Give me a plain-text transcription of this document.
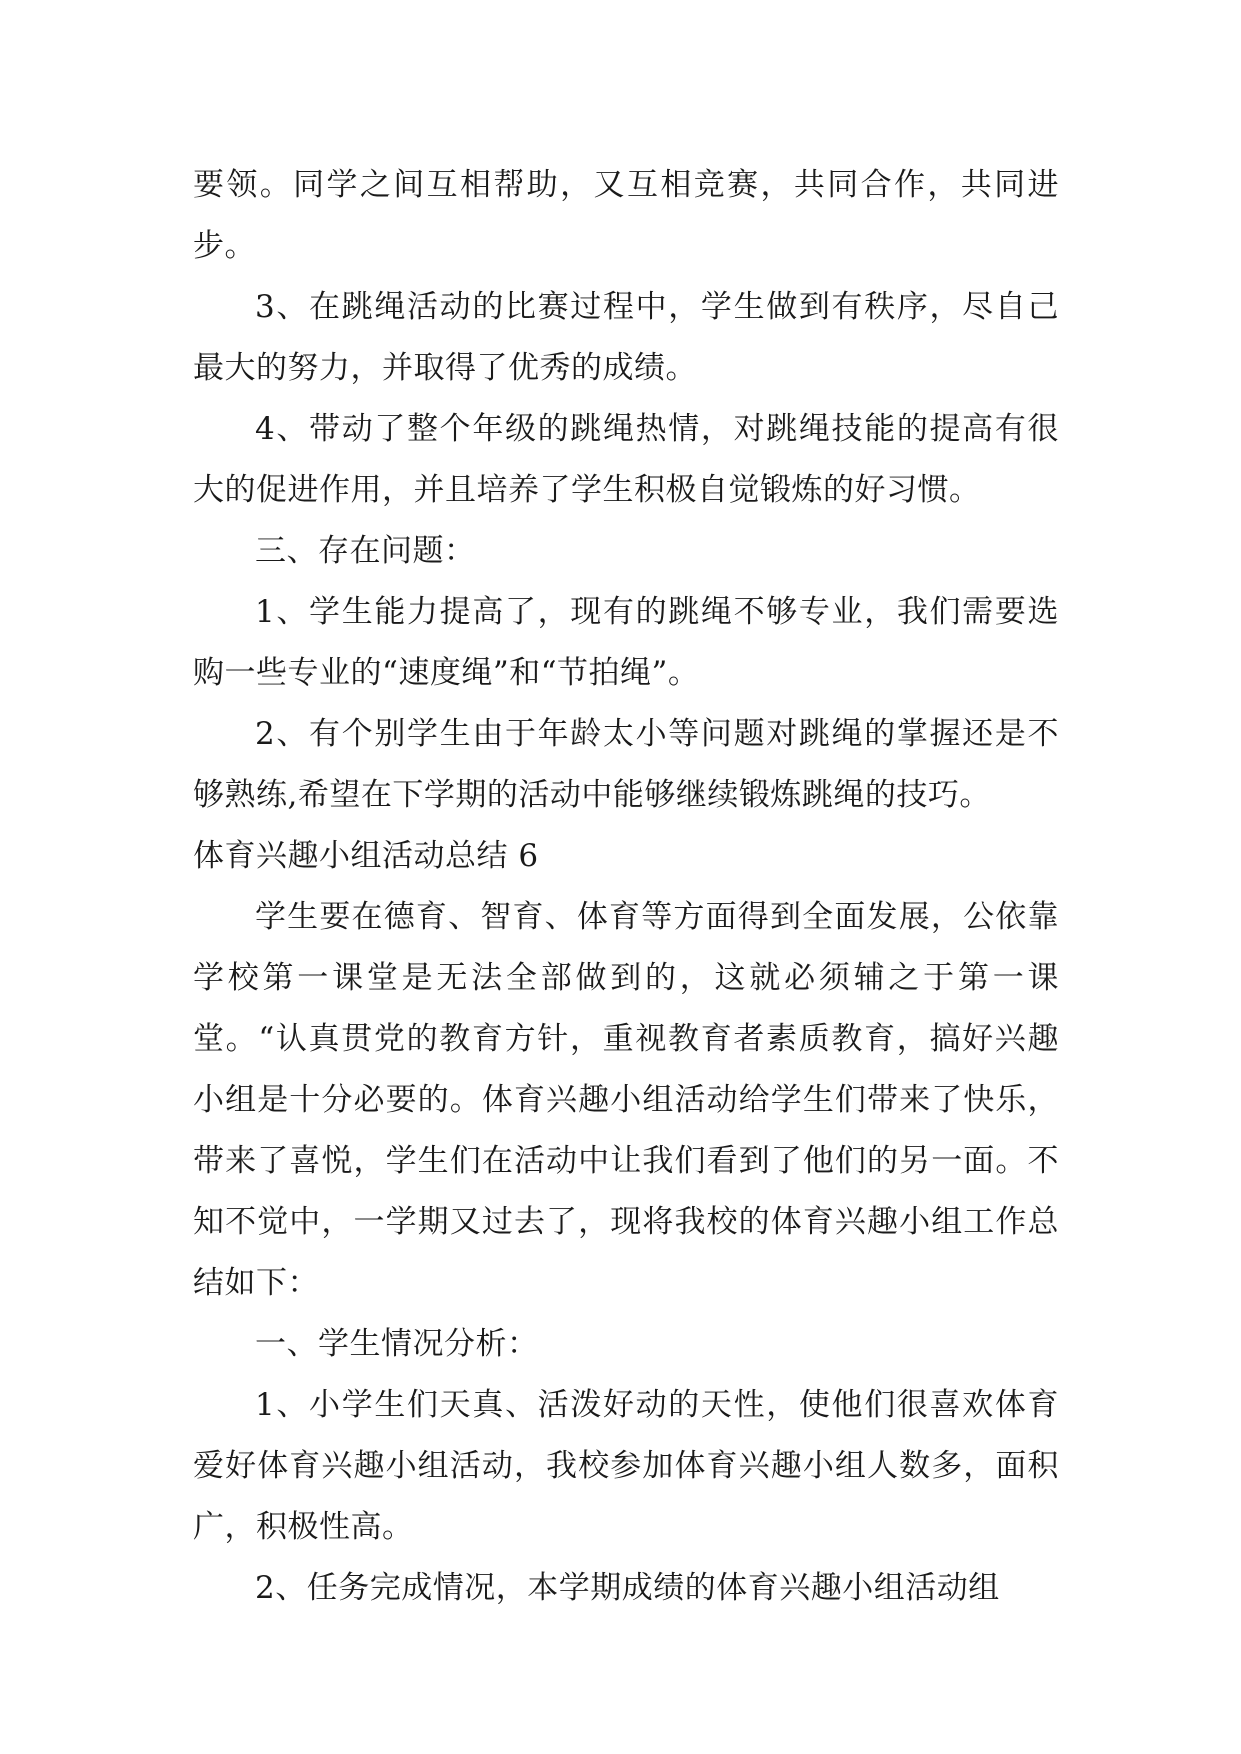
要领。同学之间互相帮助，又互相竞赛，共同合作，共同进步。

3、在跳绳活动的比赛过程中，学生做到有秩序，尽自己最大的努力，并取得了优秀的成绩。

4、带动了整个年级的跳绳热情，对跳绳技能的提高有很大的促进作用，并且培养了学生积极自觉锻炼的好习惯。

三、存在问题：

1、学生能力提高了，现有的跳绳不够专业，我们需要选购一些专业的“速度绳”和“节拍绳”。

2、有个别学生由于年龄太小等问题对跳绳的掌握还是不够熟练,希望在下学期的活动中能够继续锻炼跳绳的技巧。

体育兴趣小组活动总结 6

学生要在德育、智育、体育等方面得到全面发展，公依靠学校第一课堂是无法全部做到的，这就必须辅之于第一课堂。“认真贯党的教育方针，重视教育者素质教育，搞好兴趣小组是十分必要的。体育兴趣小组活动给学生们带来了快乐，带来了喜悦，学生们在活动中让我们看到了他们的另一面。不知不觉中，一学期又过去了，现将我校的体育兴趣小组工作总结如下：

一、学生情况分析：

1、小学生们天真、活泼好动的天性，使他们很喜欢体育爱好体育兴趣小组活动，我校参加体育兴趣小组人数多，面积广，积极性高。

2、任务完成情况，本学期成绩的体育兴趣小组活动组
